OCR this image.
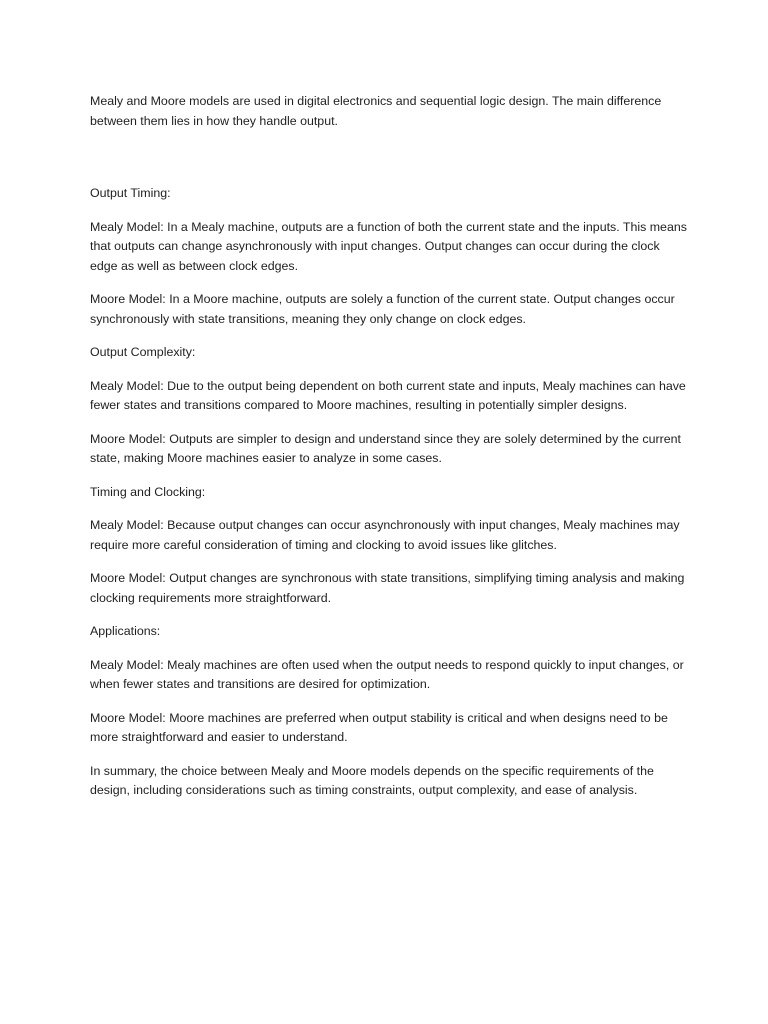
Mealy and Moore models are used in digital electronics and sequential logic design. The main difference between them lies in how they handle output.

Output Timing:

Mealy Model: In a Mealy machine, outputs are a function of both the current state and the inputs. This means that outputs can change asynchronously with input changes. Output changes can occur during the clock edge as well as between clock edges.

Moore Model: In a Moore machine, outputs are solely a function of the current state. Output changes occur synchronously with state transitions, meaning they only change on clock edges.

Output Complexity:

Mealy Model: Due to the output being dependent on both current state and inputs, Mealy machines can have fewer states and transitions compared to Moore machines, resulting in potentially simpler designs.

Moore Model: Outputs are simpler to design and understand since they are solely determined by the current state, making Moore machines easier to analyze in some cases.

Timing and Clocking:

Mealy Model: Because output changes can occur asynchronously with input changes, Mealy machines may require more careful consideration of timing and clocking to avoid issues like glitches.

Moore Model: Output changes are synchronous with state transitions, simplifying timing analysis and making clocking requirements more straightforward.

Applications:

Mealy Model: Mealy machines are often used when the output needs to respond quickly to input changes, or when fewer states and transitions are desired for optimization.

Moore Model: Moore machines are preferred when output stability is critical and when designs need to be more straightforward and easier to understand.

In summary, the choice between Mealy and Moore models depends on the specific requirements of the design, including considerations such as timing constraints, output complexity, and ease of analysis.
